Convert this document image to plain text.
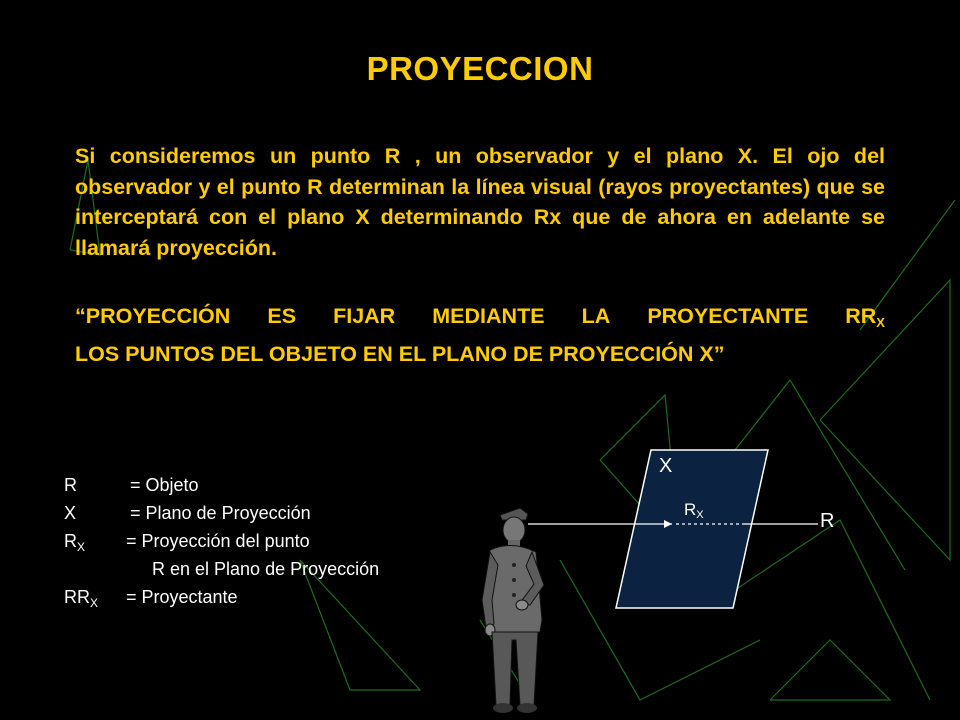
PROYECCION
Si consideremos un punto R , un observador y el plano X. El ojo del observador y el punto R determinan la línea visual (rayos proyectantes) que se interceptará con el plano X determinando Rx que de ahora en adelante se llamará proyección.
“PROYECCIÓN ES FIJAR MEDIANTE LA PROYECTANTE $RR_X$
LOS PUNTOS DEL OBJETO EN EL PLANO DE PROYECCIÓN X”
R	= Objeto
X	= Plano de Proyección
$R_X$ = Proyección del punto
R en el Plano de Proyección
$RR_X$ = Proyectante
X
RX	R
